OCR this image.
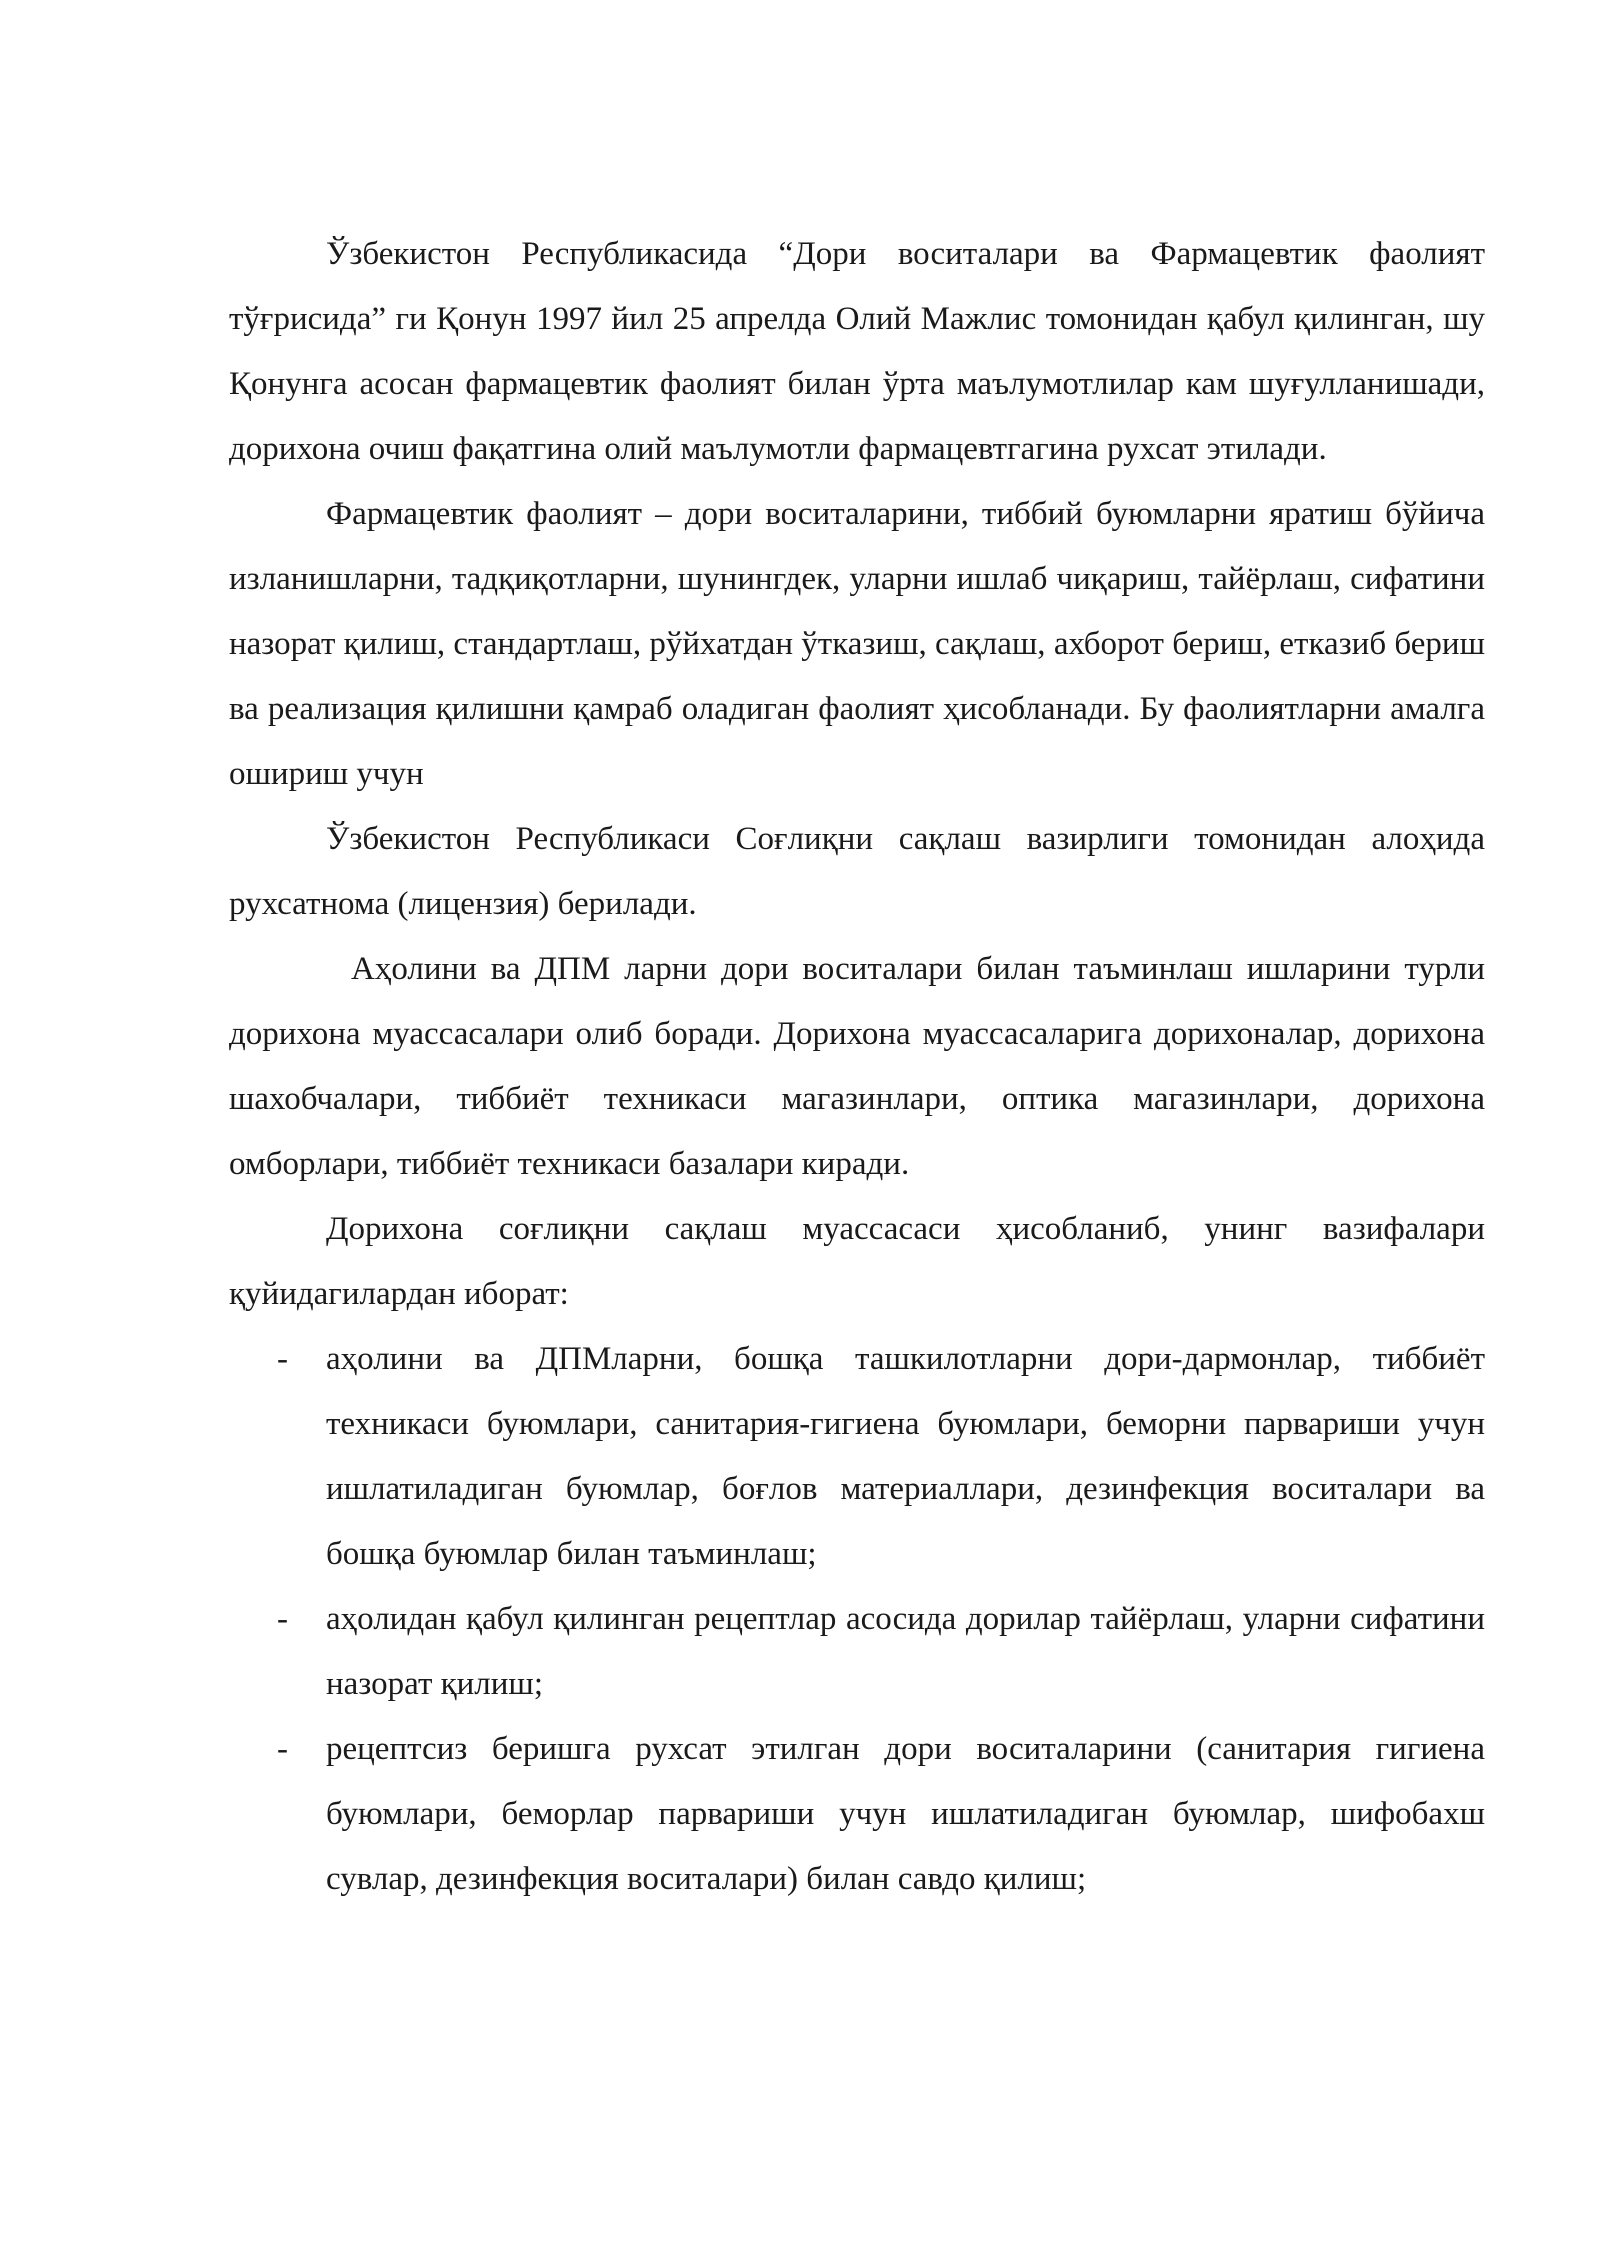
Ўзбекистон Республикасида “Дори воситалари ва Фармацевтик фаолият тўғрисида” ги Қонун 1997 йил 25 апрелда Олий Мажлис томонидан қабул қилинган, шу Қонунга асосан фармацевтик фаолият билан ўрта маълумотлилар кам шуғулланишади, дорихона очиш фақатгина олий маълумотли фармацевтгагина рухсат этилади.

Фармацевтик фаолият – дори воситаларини, тиббий буюмларни яратиш бўйича изланишларни, тадқиқотларни, шунингдек, уларни ишлаб чиқариш, тайёрлаш, сифатини назорат қилиш, стандартлаш, рўйхатдан ўтказиш, сақлаш, ахборот бериш, етказиб бериш ва реализация қилишни қамраб оладиган фаолият ҳисобланади. Бу фаолиятларни амалга ошириш учун

Ўзбекистон Республикаси Соғлиқни сақлаш вазирлиги томонидан алоҳида рухсатнома (лицензия) берилади.

Аҳолини ва ДПМ ларни дори воситалари билан таъминлаш ишларини турли дорихона муассасалари олиб боради. Дорихона муассасаларига дорихоналар, дорихона шахобчалари, тиббиёт техникаси магазинлари, оптика магазинлари, дорихона омборлари, тиббиёт техникаси базалари киради.

Дорихона соғлиқни сақлаш муассасаси ҳисобланиб, унинг вазифалари қуйидагилардан иборат:

- аҳолини ва ДПМларни, бошқа ташкилотларни дори-дармонлар, тиббиёт техникаси буюмлари, санитария-гигиена буюмлари, беморни парвариши учун ишлатиладиган буюмлар, боғлов материаллари, дезинфекция воситалари ва бошқа буюмлар билан таъминлаш;

- аҳолидан қабул қилинган рецептлар асосида дорилар тайёрлаш, уларни сифатини назорат қилиш;

- рецептсиз беришга рухсат этилган дори воситаларини (санитария гигиена буюмлари, беморлар парвариши учун ишлатиладиган буюмлар, шифобахш сувлар, дезинфекция воситалари) билан савдо қилиш;
